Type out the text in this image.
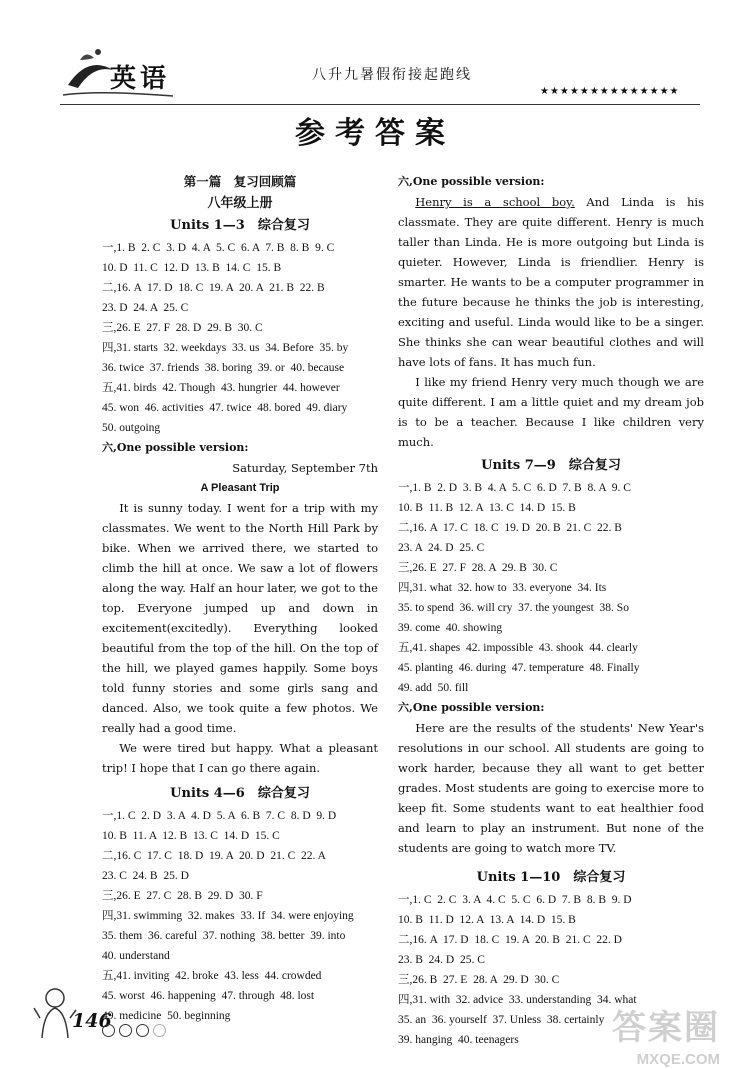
英语	八升九暑假衔接起跑线
★★★★★★★★★★★★★★
参考答案
第一篇　复习回顾篇
八年级上册
Units 1—3　综合复习
一,1. B  2. C  3. D  4. A  5. C  6. A  7. B  8. B  9. C
10. D  11. C  12. D  13. B  14. C  15. B
二,16. A  17. D  18. C  19. A  20. A  21. B  22. B
23. D  24. A  25. C
三,26. E  27. F  28. D  29. B  30. C
四,31. starts  32. weekdays  33. us  34. Before  35. by
36. twice  37. friends  38. boring  39. or  40. because
五,41. birds  42. Though  43. hungrier  44. however
45. won  46. activities  47. twice  48. bored  49. diary
50. outgoing
六,One possible version:
Saturday, September 7th
A Pleasant Trip

It is sunny today. I went for a trip with my classmates. We went to the North Hill Park by bike. When we arrived there, we started to climb the hill at once. We saw a lot of flowers along the way. Half an hour later, we got to the top. Everyone jumped up and down in excitement(excitedly). Everything looked beautiful from the top of the hill. On the top of the hill, we played games happily. Some boys told funny stories and some girls sang and danced. Also, we took quite a few photos. We really had a good time.

We were tired but happy. What a pleasant trip! I hope that I can go there again.

Units 4—6　综合复习
一,1. C  2. D  3. A  4. D  5. A  6. B  7. C  8. D  9. D
10. B  11. A  12. B  13. C  14. D  15. C
二,16. C  17. C  18. D  19. A  20. D  21. C  22. A
23. C  24. B  25. D
三,26. E  27. C  28. B  29. D  30. F
四,31. swimming  32. makes  33. If  34. were enjoying
35. them  36. careful  37. nothing  38. better  39. into
40. understand
五,41. inviting  42. broke  43. less  44. crowded
45. worst  46. happening  47. through  48. lost
49. medicine  50. beginning
六,One possible version:

Henry is a school boy. And Linda is his classmate. They are quite different. Henry is much taller than Linda. He is more outgoing but Linda is quieter. However, Linda is friendlier. Henry is smarter. He wants to be a computer programmer in the future because he thinks the job is interesting, exciting and useful. Linda would like to be a singer. She thinks she can wear beautiful clothes and will have lots of fans. It has much fun.

I like my friend Henry very much though we are quite different. I am a little quiet and my dream job is to be a teacher. Because I like children very much.

Units 7—9　综合复习
一,1. B  2. D  3. B  4. A  5. C  6. D  7. B  8. A  9. C
10. B  11. B  12. A  13. C  14. D  15. B
二,16. A  17. C  18. C  19. D  20. B  21. C  22. B
23. A  24. D  25. C
三,26. E  27. F  28. A  29. B  30. C
四,31. what  32. how to  33. everyone  34. Its
35. to spend  36. will cry  37. the youngest  38. So
39. come  40. showing
五,41. shapes  42. impossible  43. shook  44. clearly
45. planting  46. during  47. temperature  48. Finally
49. add  50. fill
六,One possible version:

Here are the results of the students' New Year's resolutions in our school. All students are going to work harder, because they all want to get better grades. Most students are going to exercise more to keep fit. Some students want to eat healthier food and learn to play an instrument. But none of the students are going to watch more TV.

Units 1—10　综合复习
一,1. C  2. C  3. A  4. C  5. C  6. D  7. B  8. B  9. D
10. B  11. D  12. A  13. A  14. D  15. B
二,16. A  17. D  18. C  19. A  20. B  21. C  22. D
23. B  24. D  25. C
三,26. B  27. E  28. A  29. D  30. C
四,31. with  32. advice  33. understanding  34. what
35. an  36. yourself  37. Unless  38. certainly
39. hanging  40. teenagers
146	答案圈
MXQE.COM
